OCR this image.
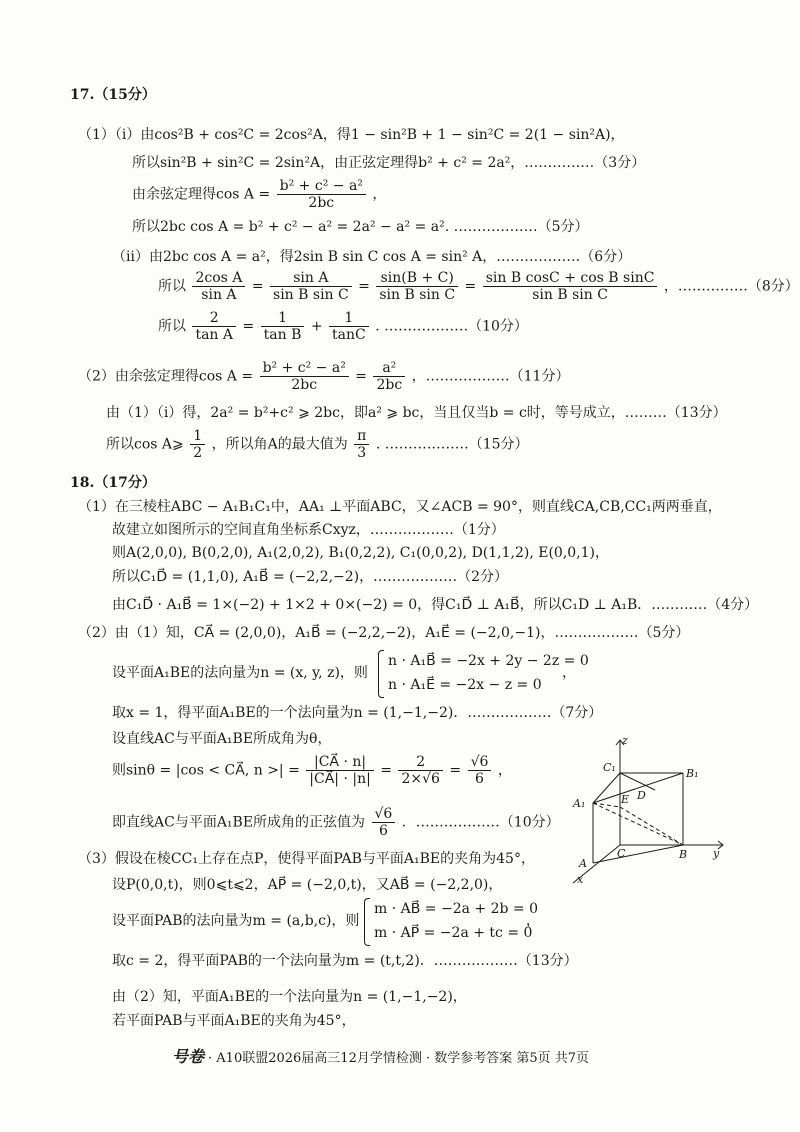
17.（15分）
（1）（ⅰ）由cos²B + cos²C = 2cos²A，得1 − sin²B + 1 − sin²C = 2(1 − sin²A)，
所以sin²B + sin²C = 2sin²A，由正弦定理得b² + c² = 2a²，……………（3分）
由余弦定理得$\cos A = \frac{\text{b² + c² − a²}}{2bc}$ ，
所以2bc cos A = b² + c² − a² = 2a² − a² = a². ………………（5分）
（ⅱ）由2bc cos A = a²，得2sin B sin C cos A = sin² A，………………（6分）
所以 $\frac{\text{2cos A}}{\text{sin A}} = \frac{\text{sin A}}{\text{sin B sin C}} = \frac{\sin(B + C)}{\text{sin B sin C}} = \frac{\text{sin B cosC + cos B sinC}}{\text{sin B sin C}}$ ，……………（8分）
所以 $\frac{2}{\text{tan A}} = \frac{1}{\text{tan B}} + \frac{1}{\tan C}$ . ………………（10分）
（2）由余弦定理得$\cos A = \frac{\text{b² + c² − a²}}{2bc} = \frac{\text{a²}}{2bc}$ ，………………（11分）
由（1）（ⅰ）得，2a² = b²+c² ⩾ 2bc，即a² ⩾ bc，当且仅当b = c时，等号成立，………（13分）
所以cos A⩾ $\frac{1}{2}$ ，所以角A的最大值为 $\frac{\pi}{3}$ . ………………（15分）
18.（17分）
（1）在三棱柱ABC − A₁B₁C₁中，AA₁ ⊥平面ABC，又∠ACB = 90°，则直线CA,CB,CC₁两两垂直，
故建立如图所示的空间直角坐标系Cxyz，………………（1分）
则A(2,0,0), B(0,2,0), A₁(2,0,2), B₁(0,2,2), C₁(0,0,2), D(1,1,2), E(0,0,1)，
所以C₁D⃗ = (1,1,0), A₁B⃗ = (−2,2,−2)，………………（2分）
由C₁D⃗ · A₁B⃗ = 1×(−2) + 1×2 + 0×(−2) = 0，得C₁D⃗ ⊥ A₁B⃗，所以C₁D ⊥ A₁B．…………（4分）
（2）由（1）知，CA⃗ = (2,0,0)，A₁B⃗ = (−2,2,−2)，A₁E⃗ = (−2,0,−1)，………………（5分）
设平面A₁BE的法向量为n = (x, y, z)，则
n · A₁B⃗ = −2x + 2y − 2z = 0
n · A₁E⃗ = −2x − z = 0
，
取x = 1，得平面A₁BE的一个法向量为n = (1,−1,−2)．………………（7分）
设直线AC与平面A₁BE所成角为θ，
则sinθ = |cos < CA⃗, n >| = $\frac{|CA⃗ \cdot n|}{|CA⃗| \cdot |n|} = \frac{2}{2\times√6} = \frac{√6}{6}$ ，
即直线AC与平面A₁BE所成角的正弦值为 $\frac{√6}{6}$ ．………………（10分）
（3）假设在棱CC₁上存在点P，使得平面PAB与平面A₁BE的夹角为45°，
设P(0,0,t)，则0⩽t⩽2，AP⃗ = (−2,0,t)，又AB⃗ = (−2,2,0)，
设平面PAB的法向量为m = (a,b,c)，则
m · AB⃗ = −2a + 2b = 0
m · AP⃗ = −2a + tc = 0
，
取c = 2，得平面PAB的一个法向量为m = (t,t,2)．………………（13分）
由（2）知，平面A₁BE的一个法向量为n = (1,−1,−2)，
若平面PAB与平面A₁BE的夹角为45°，
z
C₁	B₁
A₁	E D
C	B y
A
x
号卷 · A10联盟2026届高三12月学情检测 · 数学参考答案 第5页 共7页
